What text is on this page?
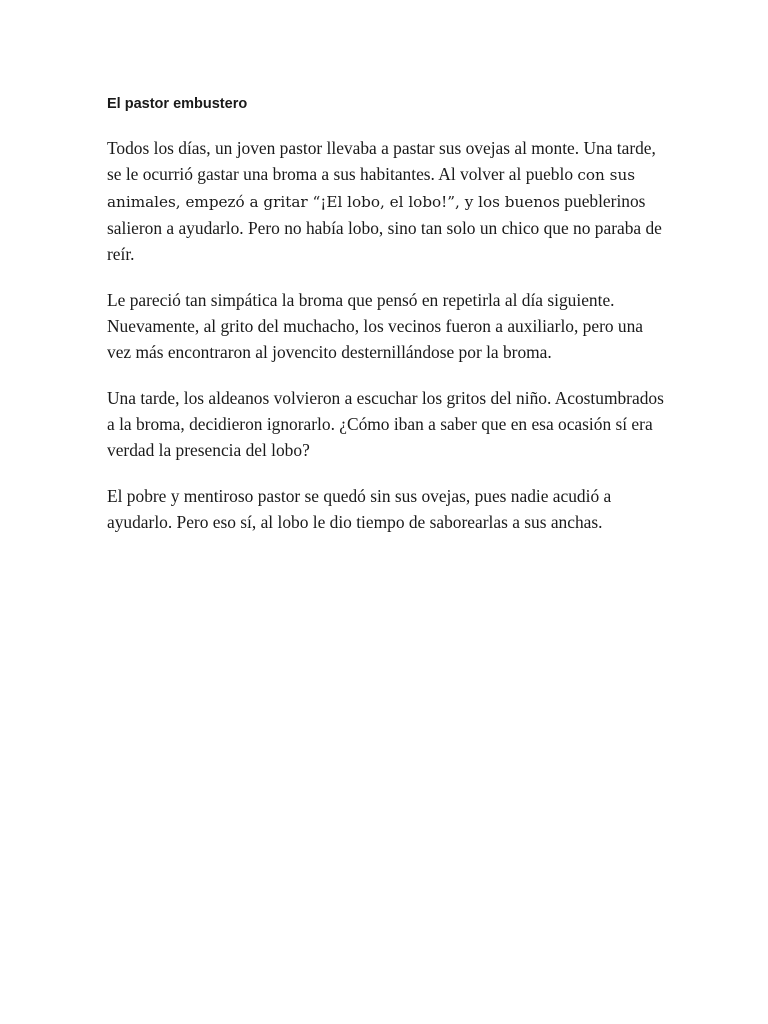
El pastor embustero

Todos los días, un joven pastor llevaba a pastar sus ovejas al monte. Una tarde, se le ocurrió gastar una broma a sus habitantes. Al volver al pueblo con sus animales, empezó a gritar “¡El lobo, el lobo!”, y los buenos pueblerinos salieron a ayudarlo. Pero no había lobo, sino tan solo un chico que no paraba de reír.

Le pareció tan simpática la broma que pensó en repetirla al día siguiente. Nuevamente, al grito del muchacho, los vecinos fueron a auxiliarlo, pero una vez más encontraron al jovencito desternillándose por la broma.

Una tarde, los aldeanos volvieron a escuchar los gritos del niño. Acostumbrados a la broma, decidieron ignorarlo. ¿Cómo iban a saber que en esa ocasión sí era verdad la presencia del lobo?

El pobre y mentiroso pastor se quedó sin sus ovejas, pues nadie acudió a ayudarlo. Pero eso sí, al lobo le dio tiempo de saborearlas a sus anchas.
